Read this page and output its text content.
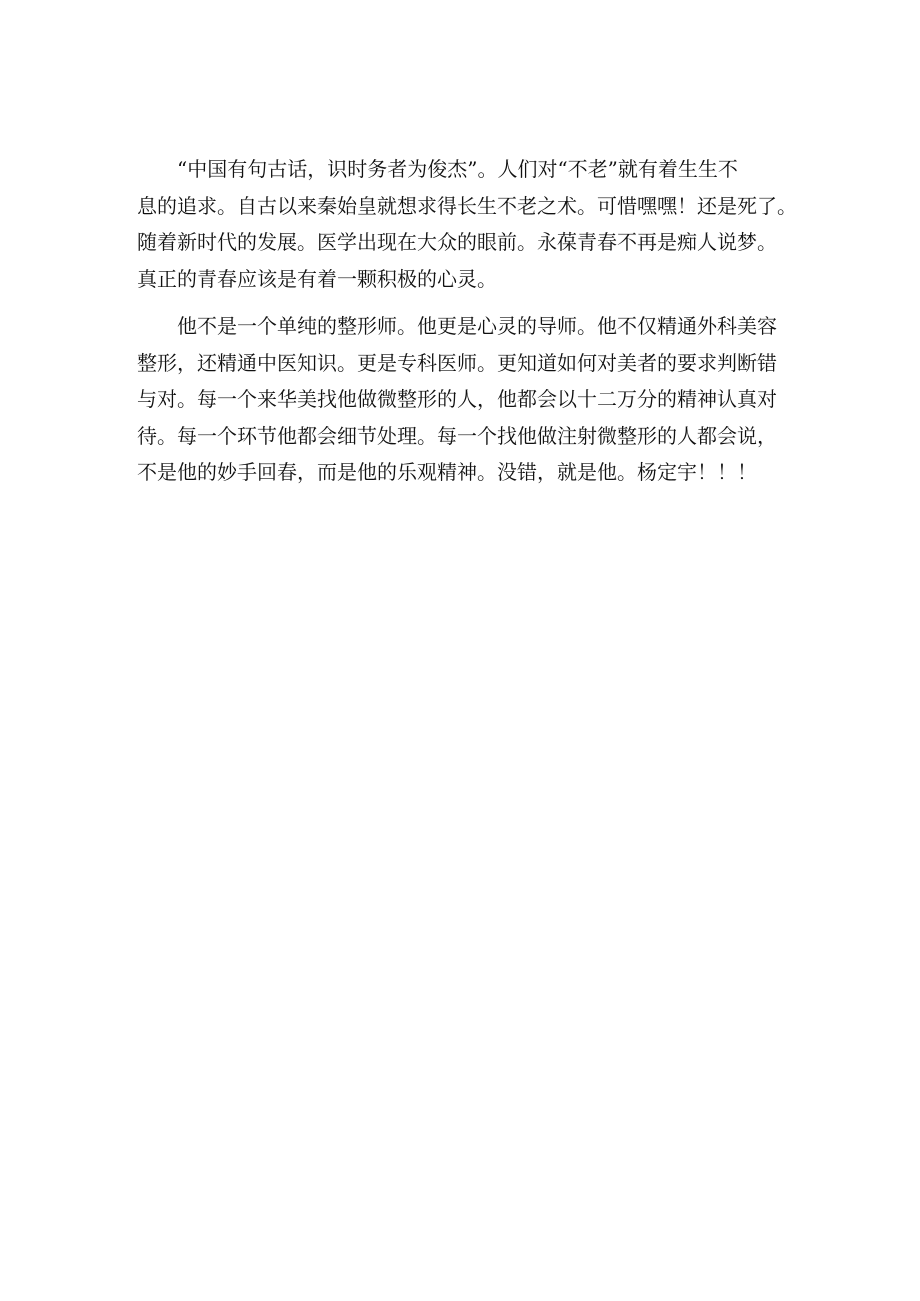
“中国有句古话，识时务者为俊杰”。人们对“不老”就有着生生不
息的追求。自古以来秦始皇就想求得长生不老之术。可惜嘿嘿！还是死了。
随着新时代的发展。医学出现在大众的眼前。永葆青春不再是痴人说梦。
真正的青春应该是有着一颗积极的心灵。
他不是一个单纯的整形师。他更是心灵的导师。他不仅精通外科美容
整形，还精通中医知识。更是专科医师。更知道如何对美者的要求判断错
与对。每一个来华美找他做微整形的人，他都会以十二万分的精神认真对
待。每一个环节他都会细节处理。每一个找他做注射微整形的人都会说，
不是他的妙手回春，而是他的乐观精神。没错，就是他。杨定宇！！！
